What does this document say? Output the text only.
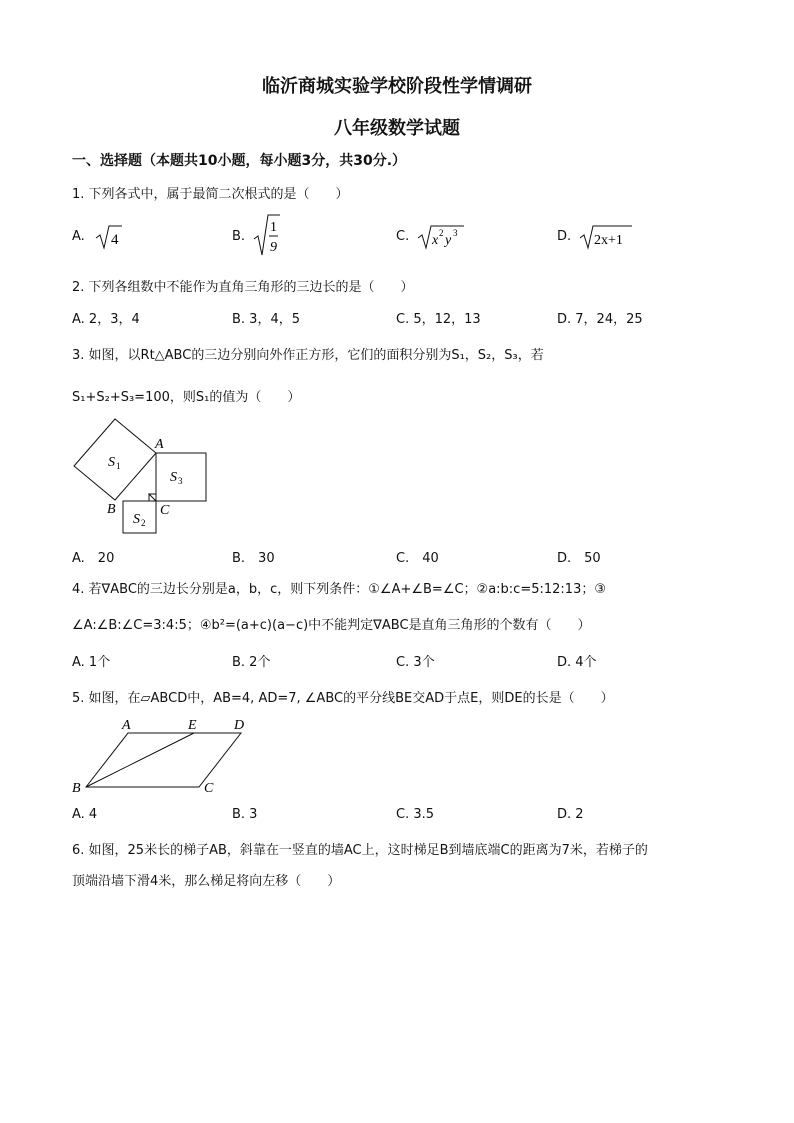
临沂商城实验学校阶段性学情调研
八年级数学试题
一、选择题（本题共10小题，每小题3分，共30分.）
1. 下列各式中，属于最简二次根式的是（　　）
A. 4	B.
1
9
C. x 2 y 3	D. 2x+1
2. 下列各组数中不能作为直角三角形的三边长的是（　　）
A. 2，3，4	B. 3，4，5	C. 5，12，13	D. 7，24，25
3. 如图，以Rt△ABC的三边分别向外作正方形，它们的面积分别为S₁，S₂，S₃，若
S₁+S₂+S₃=100，则S₁的值为（　　）
A
B	C
S 1
S 3
S 2
A.　20	B.　30	C.　40	D.　50
4. 若∇ABC的三边长分别是a，b，c，则下列条件：①∠A+∠B=∠C；②a:b:c=5:12:13；③
∠A:∠B:∠C=3:4:5；④b²=(a+c)(a−c)中不能判定∇ABC是直角三角形的个数有（　　）
A. 1个	B. 2个	C. 3个	D. 4个
5. 如图，在▱ABCD中，AB=4, AD=7, ∠ABC的平分线BE交AD于点E，则DE的长是（　　）
A	E	D
B	C
A. 4	B. 3	C. 3.5	D. 2
6. 如图，25米长的梯子AB，斜靠在一竖直的墙AC上，这时梯足B到墙底端C的距离为7米，若梯子的
顶端沿墙下滑4米，那么梯足将向左移（　　）
